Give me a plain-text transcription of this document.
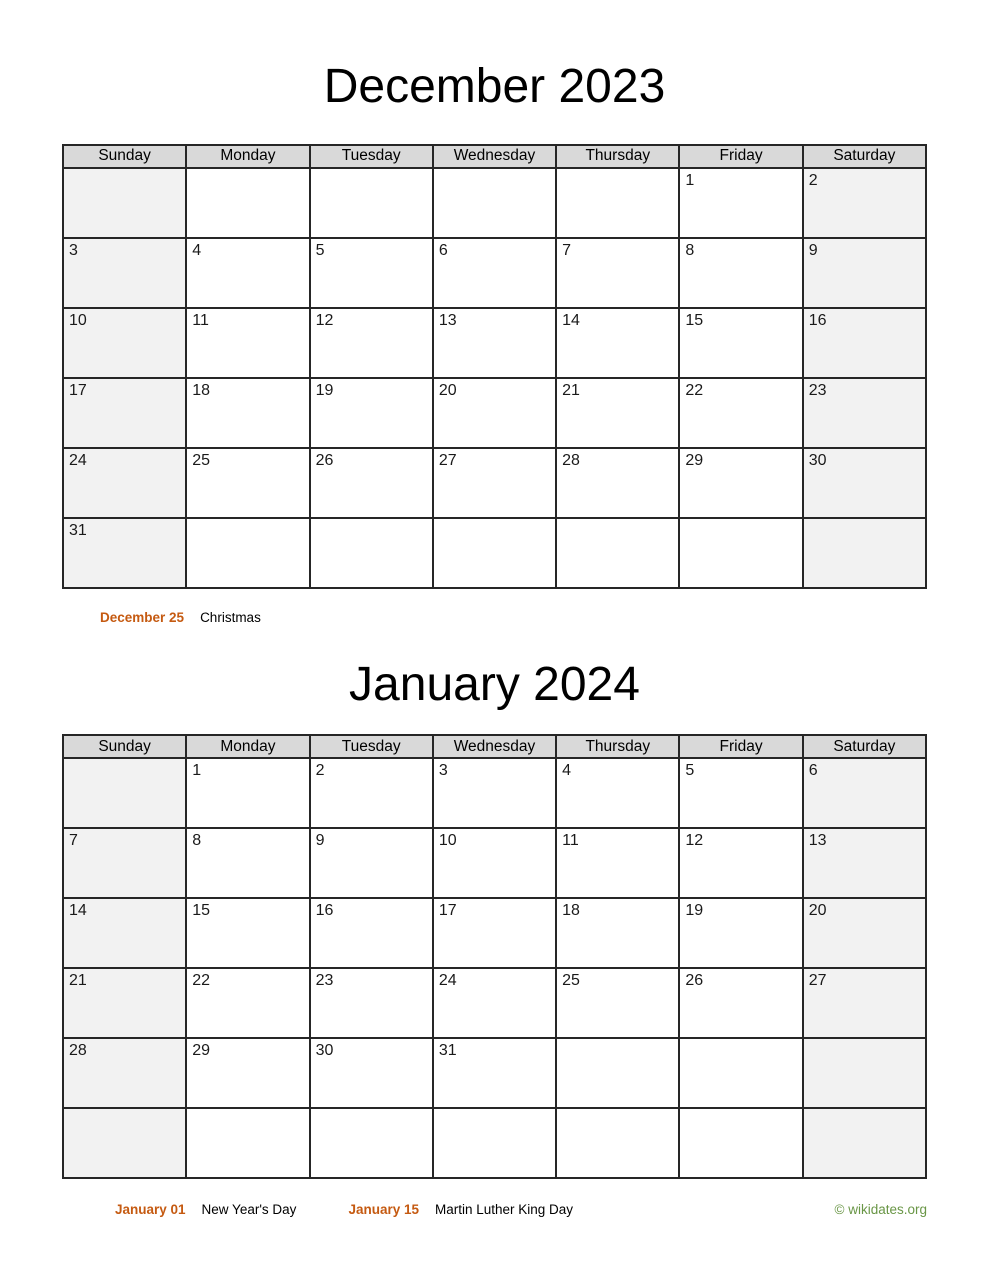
December 2023
Sunday	Monday	Tuesday	Wednesday	Thursday	Friday	Saturday
					1	2
3	4	5	6	7	8	9
10	11	12	13	14	15	16
17	18	19	20	21	22	23
24	25	26	27	28	29	30
31						
December 25 Christmas
January 2024
Sunday	Monday	Tuesday	Wednesday	Thursday	Friday	Saturday
	1	2	3	4	5	6
7	8	9	10	11	12	13
14	15	16	17	18	19	20
21	22	23	24	25	26	27
28	29	30	31			

January 01 New Year's Day	January 15 Martin Luther King Day	© wikidates.org
